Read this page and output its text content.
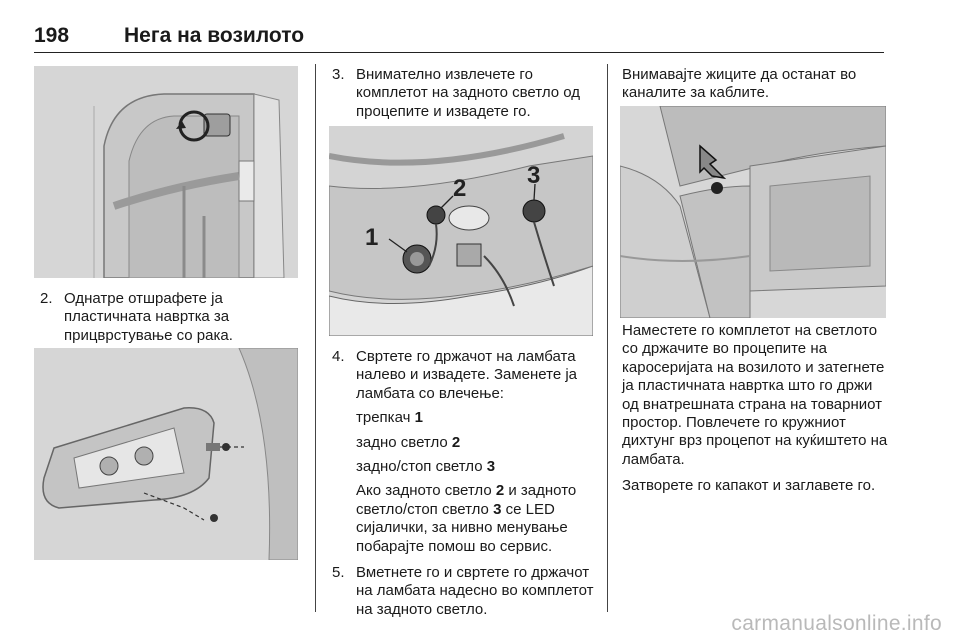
198	Нега на возилото
2. Однатре отшрафете ја пластичната наврткa за прицврстување со рака.
3. Внимателно извлечете го комплетот на задното светло од процепите и извадете го.
1
2	3
4. Свртете го држачот на ламбата налево и извадете. Заменете ја ламбата со влечење:

трепкач 1

задно светло 2

задно/стоп светло 3

Ако задното светло 2 и задното светло/стоп светло 3 се LED сијалички, за нивно менување побарајте помош во сервис.

5. Вметнете го и свртете го држачот на ламбата надесно во комплетот на задното светло.

Внимавајте жиците да останат во каналите за каблите.

Наместете го комплетот на светлото со држачите во процепите на каросеријата на возилото и затегнете ја пластичната навртка што го држи од внатрешната страна на товарниот простор. Повлечете го кружниот дихтунг врз процепот на куќиштето на ламбата.

Затворете го капакот и заглавете го.

carmanualsonline.info
